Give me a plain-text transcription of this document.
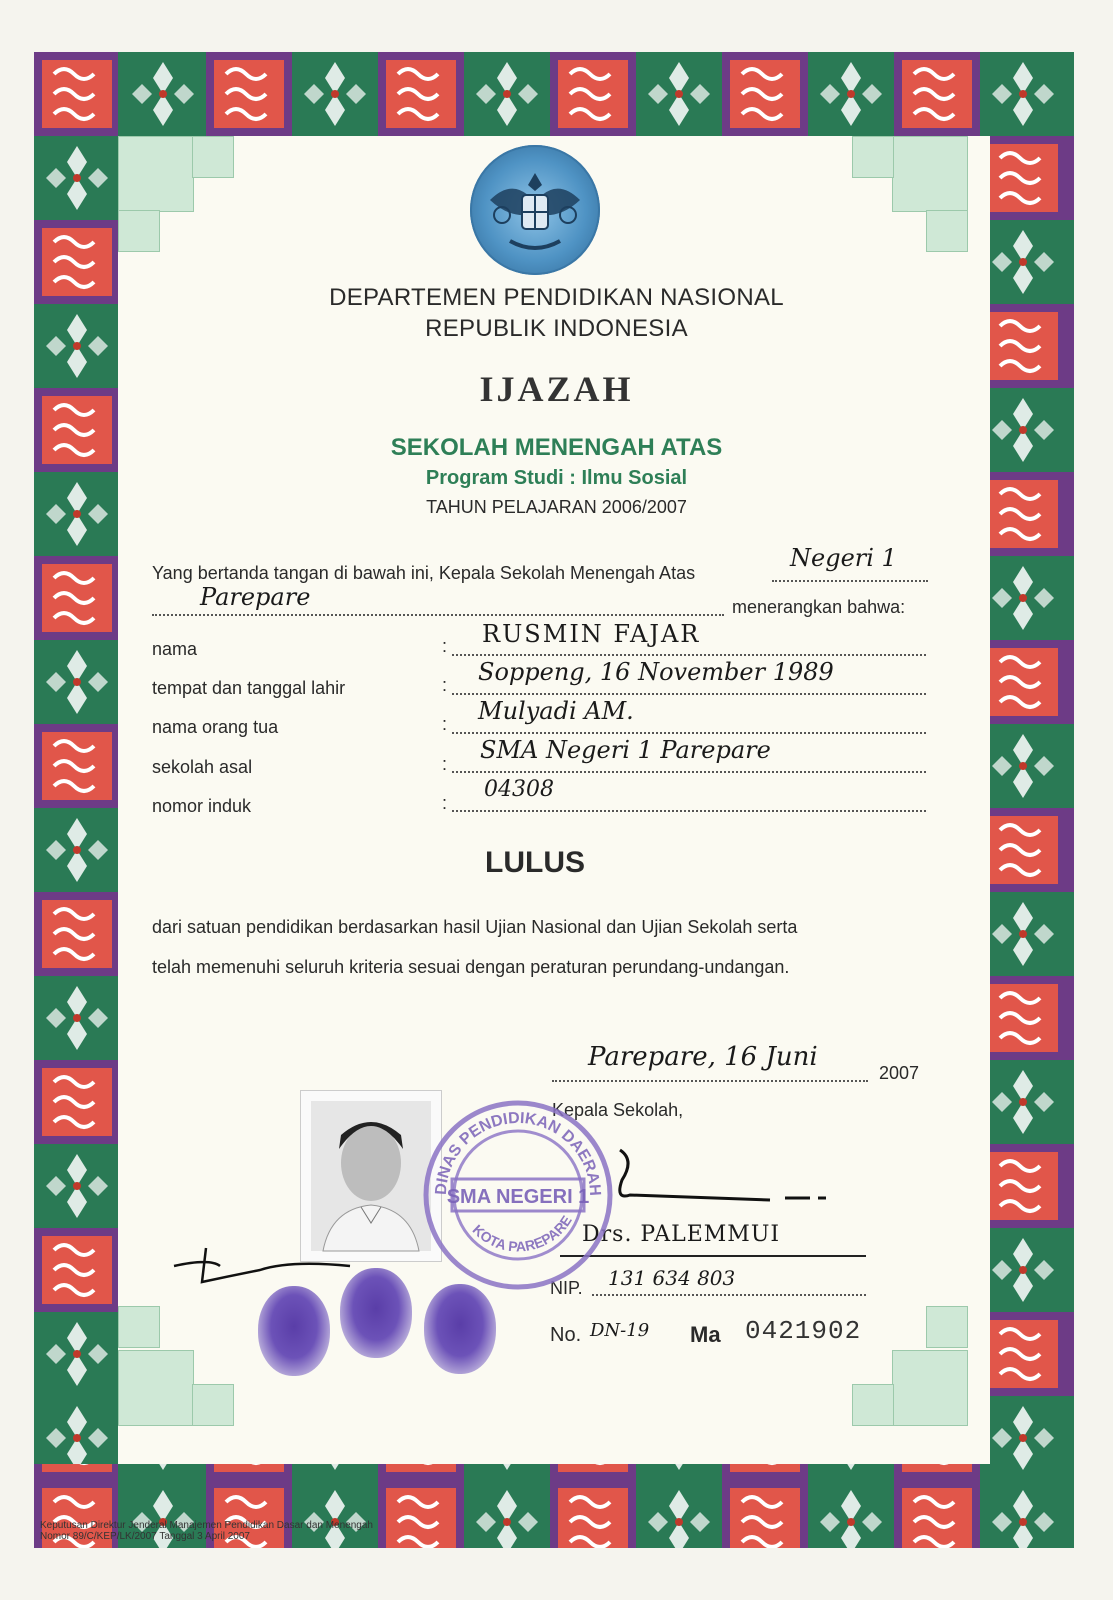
DEPARTEMEN PENDIDIKAN NASIONAL
REPUBLIK INDONESIA
IJAZAH
SEKOLAH MENENGAH ATAS
Program Studi : Ilmu Sosial
TAHUN PELAJARAN 2006/2007
Yang bertanda tangan di bawah ini, Kepala Sekolah Menengah Atas
Negeri 1
Parepare	menerangkan bahwa:
nama	: RUSMIN FAJAR
tempat dan tanggal lahir	: Soppeng, 16 November 1989
nama orang tua	: Mulyadi AM.
sekolah asal	: SMA Negeri 1 Parepare
nomor induk	:
04308
LULUS
dari satuan pendidikan berdasarkan hasil Ujian Nasional dan Ujian Sekolah serta
telah memenuhi seluruh kriteria sesuai dengan peraturan perundang-undangan.
Parepare, 16 Juni
2007
Kepala Sekolah,
Drs. PALEMMUI
NIP. 131 634 803
No. DN-19 Ma 0421902
DINAS PENDIDIKAN DAERAH
SMA NEGERI 1
KOTA PAREPARE
Keputusan Direktur Jenderal Manajemen Pendidikan Dasar dan Menengah
Nomor 89/C/KEP/LK/2007 Tanggal 3 April 2007
